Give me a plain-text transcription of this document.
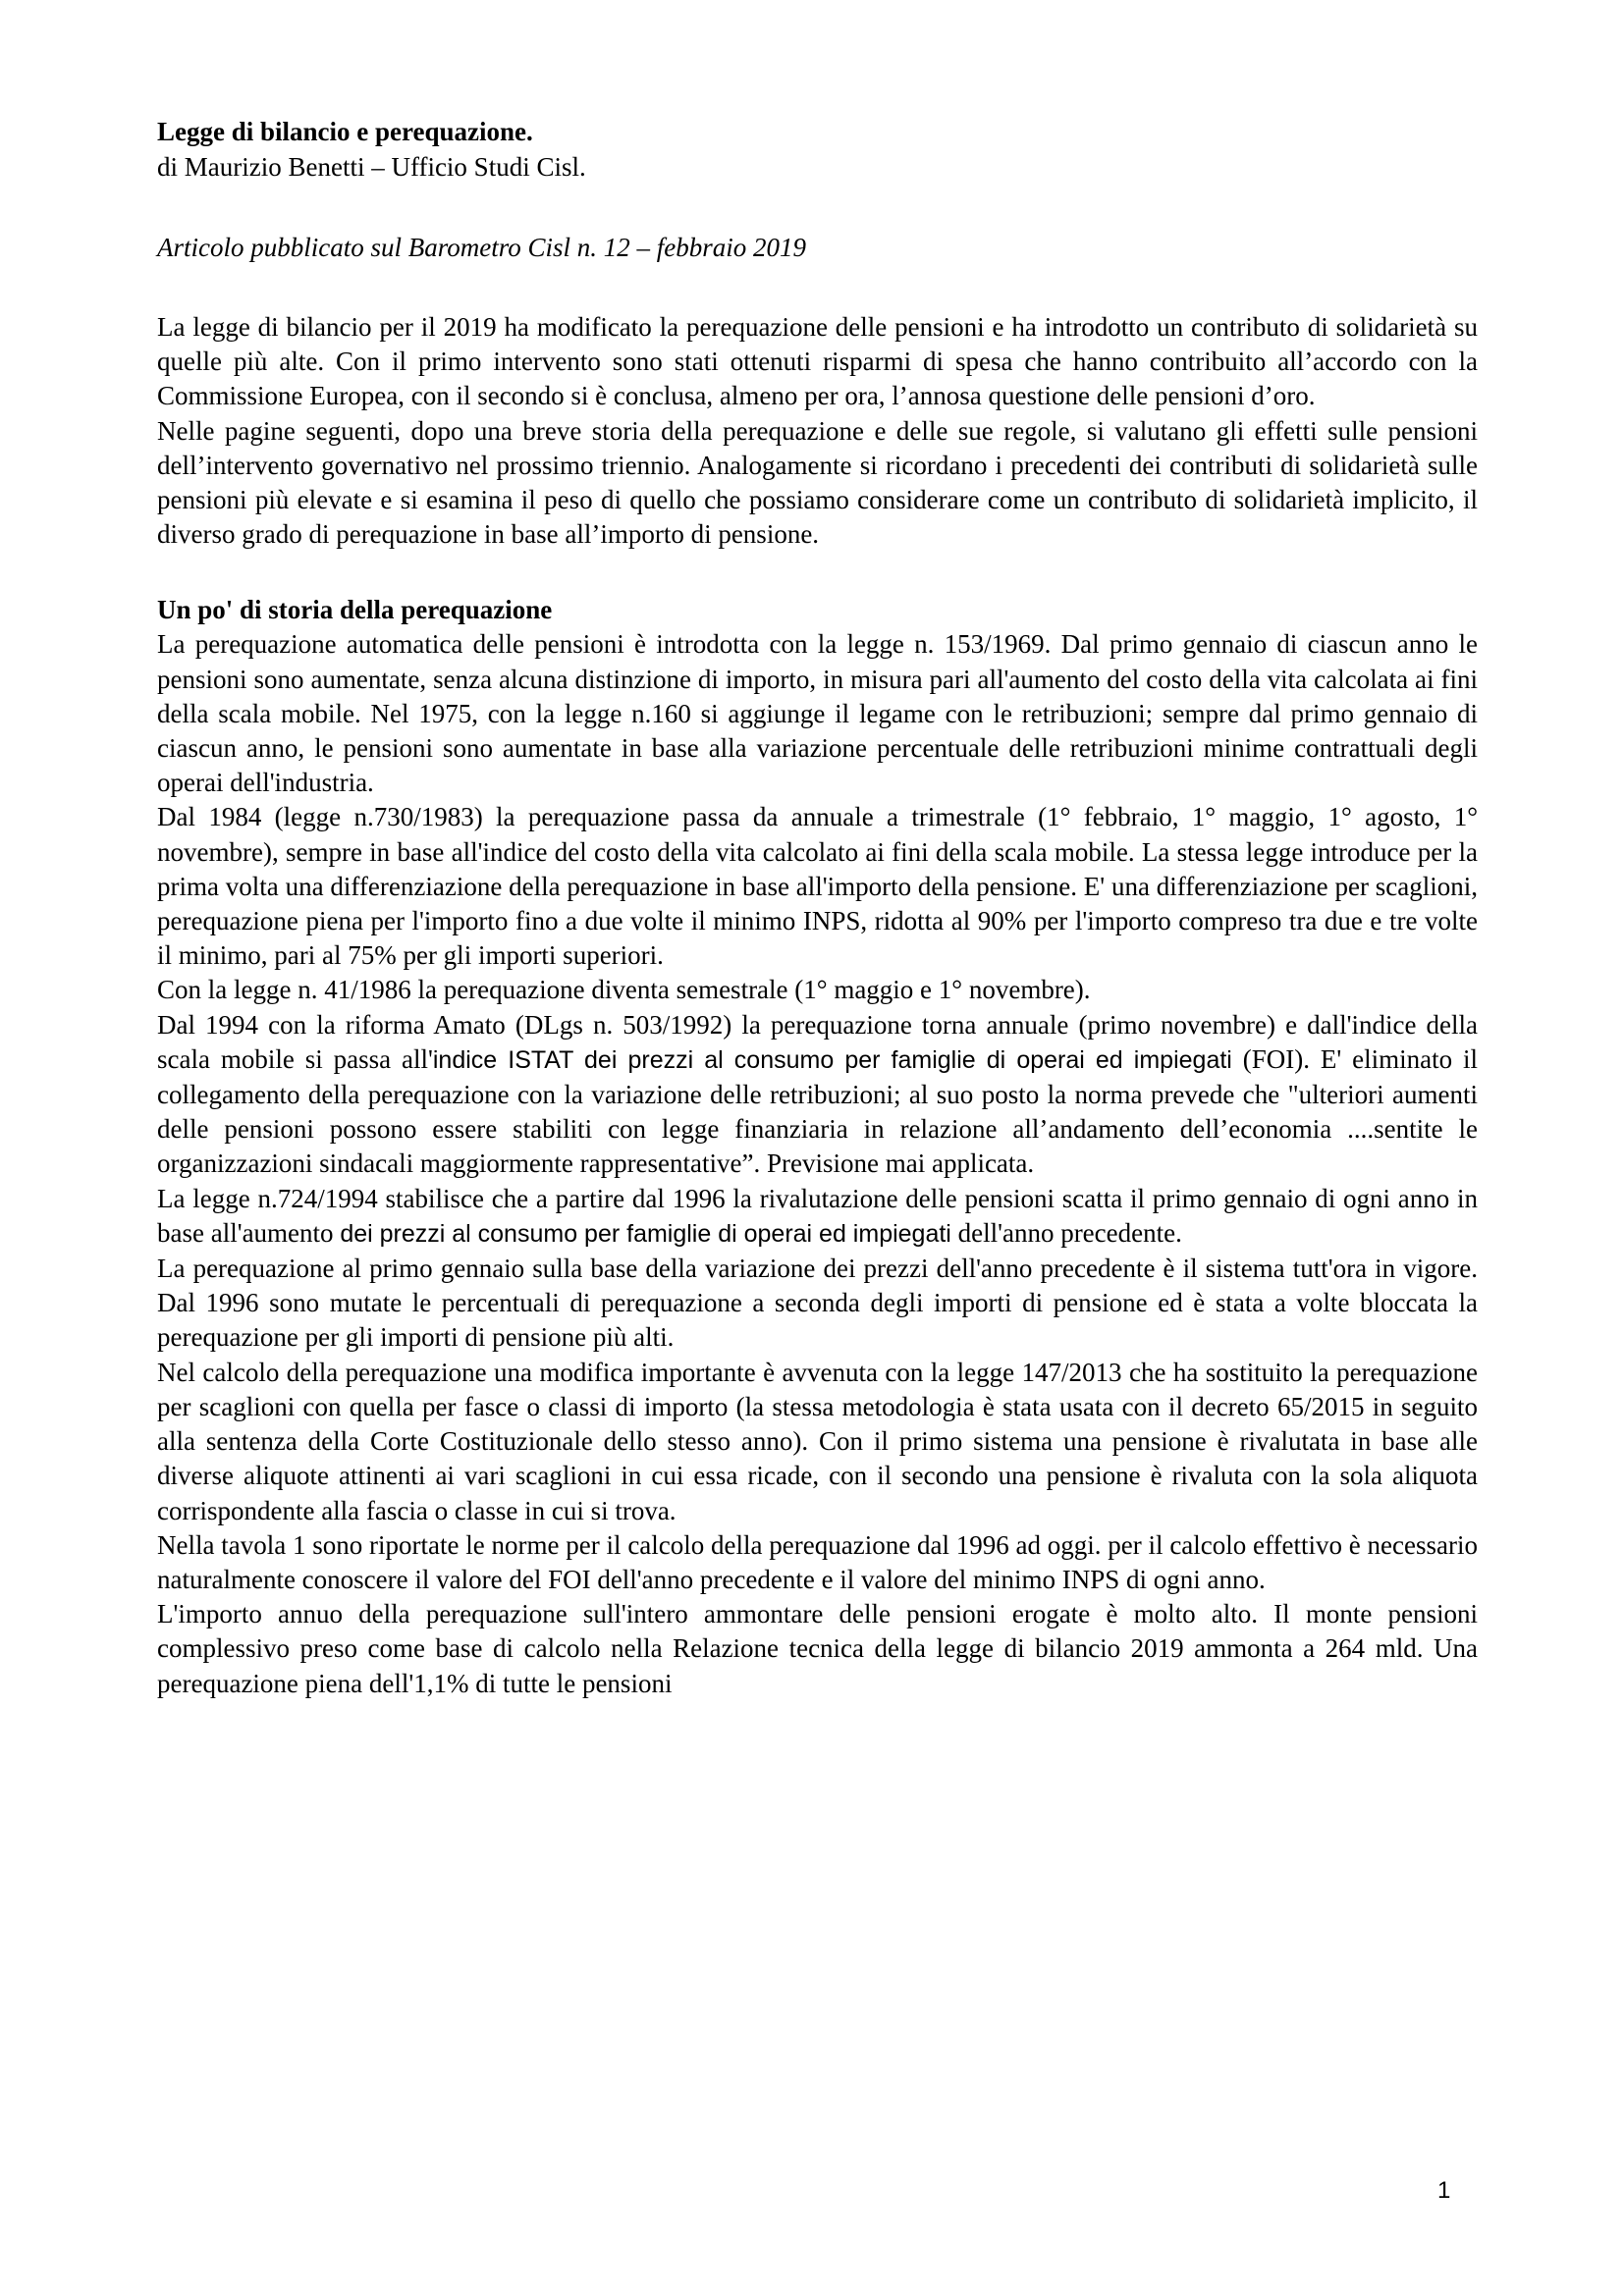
Legge di bilancio e perequazione.

di Maurizio Benetti – Ufficio Studi Cisl.

Articolo pubblicato sul Barometro Cisl n. 12 – febbraio 2019

La legge di bilancio per il 2019 ha modificato la perequazione delle pensioni e ha introdotto un contributo di solidarietà su quelle più alte. Con il primo intervento sono stati ottenuti risparmi di spesa che hanno contribuito all’accordo con la Commissione Europea, con il secondo si è conclusa, almeno per ora, l’annosa questione delle pensioni d’oro.

Nelle pagine seguenti, dopo una breve storia della perequazione e delle sue regole, si valutano gli effetti sulle pensioni dell’intervento governativo nel prossimo triennio. Analogamente si ricordano i precedenti dei contributi di solidarietà sulle pensioni più elevate e si esamina il peso di quello che possiamo considerare come un contributo di solidarietà implicito, il diverso grado di perequazione in base all’importo di pensione.

Un po' di storia della perequazione

La perequazione automatica delle pensioni è introdotta con la legge n. 153/1969. Dal primo gennaio di ciascun anno le pensioni sono aumentate, senza alcuna distinzione di importo, in misura pari all'aumento del costo della vita calcolata ai fini della scala mobile. Nel 1975, con la legge n.160 si aggiunge il legame con le retribuzioni; sempre dal primo gennaio di ciascun anno, le pensioni sono aumentate in base alla variazione percentuale delle retribuzioni minime contrattuali degli operai dell'industria.

Dal 1984 (legge n.730/1983) la perequazione passa da annuale a trimestrale (1° febbraio, 1° maggio, 1° agosto, 1° novembre), sempre in base all'indice del costo della vita calcolato ai fini della scala mobile. La stessa legge introduce per la prima volta una differenziazione della perequazione in base all'importo della pensione. E' una differenziazione per scaglioni, perequazione piena per l'importo fino a due volte il minimo INPS, ridotta al 90% per l'importo compreso tra due e tre volte il minimo, pari al 75% per gli importi superiori.

Con la legge n. 41/1986 la perequazione diventa semestrale (1° maggio e 1° novembre).

Dal 1994 con la riforma Amato (DLgs n. 503/1992) la perequazione torna annuale (primo novembre) e dall'indice della scala mobile si passa all'indice ISTAT dei prezzi al consumo per famiglie di operai ed impiegati (FOI). E' eliminato il collegamento della perequazione con la variazione delle retribuzioni; al suo posto la norma prevede che "ulteriori aumenti delle pensioni possono essere stabiliti con legge finanziaria in relazione all’andamento dell’economia ....sentite le organizzazioni sindacali maggiormente rappresentative”. Previsione mai applicata.

La legge n.724/1994 stabilisce che a partire dal 1996 la rivalutazione delle pensioni scatta il primo gennaio di ogni anno in base all'aumento dei prezzi al consumo per famiglie di operai ed impiegati dell'anno precedente.

La perequazione al primo gennaio sulla base della variazione dei prezzi dell'anno precedente è il sistema tutt'ora in vigore. Dal 1996 sono mutate le percentuali di perequazione a seconda degli importi di pensione ed è stata a volte bloccata la perequazione per gli importi di pensione più alti.

Nel calcolo della perequazione una modifica importante è avvenuta con la legge 147/2013 che ha sostituito la perequazione per scaglioni con quella per fasce o classi di importo (la stessa metodologia è stata usata con il decreto 65/2015 in seguito alla sentenza della Corte Costituzionale dello stesso anno). Con il primo sistema una pensione è rivalutata in base alle diverse aliquote attinenti ai vari scaglioni in cui essa ricade, con il secondo una pensione è rivaluta con la sola aliquota corrispondente alla fascia o classe in cui si trova.

Nella tavola 1 sono riportate le norme per il calcolo della perequazione dal 1996 ad oggi. per il calcolo effettivo è necessario naturalmente conoscere il valore del FOI dell'anno precedente e il valore del minimo INPS di ogni anno.

L'importo annuo della perequazione sull'intero ammontare delle pensioni erogate è molto alto. Il monte pensioni complessivo preso come base di calcolo nella Relazione tecnica della legge di bilancio 2019 ammonta a 264 mld. Una perequazione piena dell'1,1% di tutte le pensioni

1
